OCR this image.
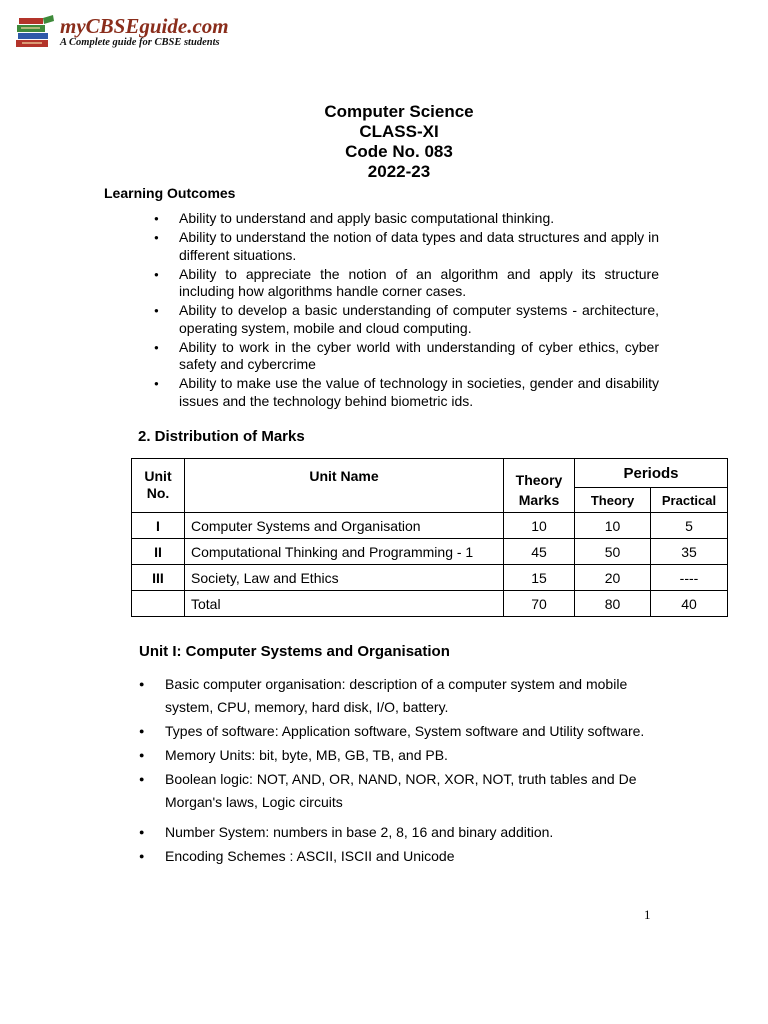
myCBSEguide.com
A Complete guide for CBSE students
Computer Science
CLASS-XI
Code No. 083
2022-23
Learning Outcomes
● Ability to understand and apply basic computational thinking.
● Ability to understand the notion of data types and data structures and apply in different situations.
● Ability to appreciate the notion of an algorithm and apply its structure including how algorithms handle corner cases.
● Ability to develop a basic understanding of computer systems - architecture, operating system, mobile and cloud computing.
● Ability to work in the cyber world with understanding of cyber ethics, cyber safety and cybercrime
● Ability to make use the value of technology in societies, gender and disability issues and the technology behind biometric ids.
2. Distribution of Marks
Unit No.	Unit Name	Theory	Periods	
		Marks	Theory	Practical
I	Computer Systems and Organisation	10	10	5
II	Computational Thinking and Programming - 1	45	50	35
III	Society, Law and Ethics	15	20	----
	Total	70	80	40
Unit I: Computer Systems and Organisation
● Basic computer organisation: description of a computer system and mobile system, CPU, memory, hard disk, I/O, battery.
● Types of software: Application software, System software and Utility software.
● Memory Units: bit, byte, MB, GB, TB, and PB.
● Boolean logic: NOT, AND, OR, NAND, NOR, XOR, NOT, truth tables and De Morgan's laws, Logic circuits
● Number System: numbers in base 2, 8, 16 and binary addition.
● Encoding Schemes : ASCII, ISCII and Unicode
1
